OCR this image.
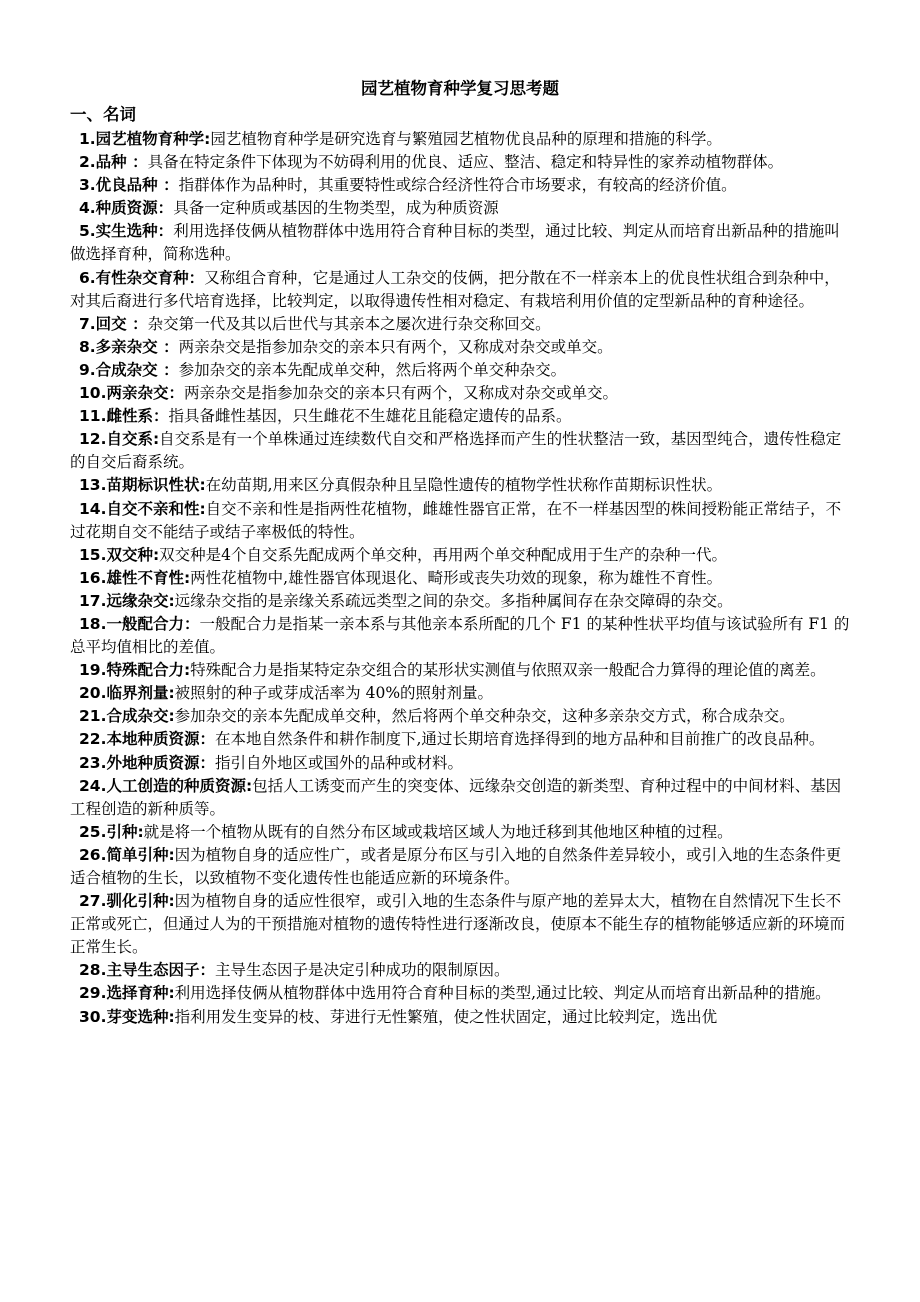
园艺植物育种学复习思考题
一、名词

1.园艺植物育种学:园艺植物育种学是研究选育与繁殖园艺植物优良品种的原理和措施的科学。

2.品种 ：具备在特定条件下体现为不妨碍利用的优良、适应、整洁、稳定和特异性的家养动植物群体。

3.优良品种 ：指群体作为品种时，其重要特性或综合经济性符合市场要求，有较高的经济价值。

4.种质资源：具备一定种质或基因的生物类型，成为种质资源

5.实生选种：利用选择伎俩从植物群体中选用符合育种目标的类型，通过比较、判定从而培育出新品种的措施叫做选择育种，简称选种。

6.有性杂交育种：又称组合育种，它是通过人工杂交的伎俩，把分散在不一样亲本上的优良性状组合到杂种中，对其后裔进行多代培育选择，比较判定，以取得遗传性相对稳定、有栽培利用价值的定型新品种的育种途径。

7.回交 ：杂交第一代及其以后世代与其亲本之屡次进行杂交称回交。

8.多亲杂交 ：两亲杂交是指参加杂交的亲本只有两个，又称成对杂交或单交。

9.合成杂交 ：参加杂交的亲本先配成单交种，然后将两个单交种杂交。

10.两亲杂交：两亲杂交是指参加杂交的亲本只有两个，又称成对杂交或单交。

11.雌性系：指具备雌性基因，只生雌花不生雄花且能稳定遗传的品系。

12.自交系:自交系是有一个单株通过连续数代自交和严格选择而产生的性状整洁一致，基因型纯合，遗传性稳定的自交后裔系统。

13.苗期标识性状:在幼苗期,用来区分真假杂种且呈隐性遗传的植物学性状称作苗期标识性状。

14.自交不亲和性:自交不亲和性是指两性花植物，雌雄性器官正常，在不一样基因型的株间授粉能正常结子，不过花期自交不能结子或结子率极低的特性。

15.双交种:双交种是4个自交系先配成两个单交种，再用两个单交种配成用于生产的杂种一代。

16.雄性不育性:两性花植物中,雄性器官体现退化、畸形或丧失功效的现象，称为雄性不育性。

17.远缘杂交:远缘杂交指的是亲缘关系疏远类型之间的杂交。多指种属间存在杂交障碍的杂交。

18.一般配合力：一般配合力是指某一亲本系与其他亲本系所配的几个 F1 的某种性状平均值与该试验所有 F1 的总平均值相比的差值。

19.特殊配合力:特殊配合力是指某特定杂交组合的某形状实测值与依照双亲一般配合力算得的理论值的离差。

20.临界剂量:被照射的种子或芽成活率为 40%的照射剂量。

21.合成杂交:参加杂交的亲本先配成单交种，然后将两个单交种杂交，这种多亲杂交方式，称合成杂交。

22.本地种质资源：在本地自然条件和耕作制度下,通过长期培育选择得到的地方品种和目前推广的改良品种。

23.外地种质资源：指引自外地区或国外的品种或材料。

24.人工创造的种质资源:包括人工诱变而产生的突变体、远缘杂交创造的新类型、育种过程中的中间材料、基因工程创造的新种质等。

25.引种:就是将一个植物从既有的自然分布区域或栽培区域人为地迁移到其他地区种植的过程。

26.简单引种:因为植物自身的适应性广，或者是原分布区与引入地的自然条件差异较小，或引入地的生态条件更适合植物的生长，以致植物不变化遗传性也能适应新的环境条件。

27.驯化引种:因为植物自身的适应性很窄，或引入地的生态条件与原产地的差异太大，植物在自然情况下生长不正常或死亡，但通过人为的干预措施对植物的遗传特性进行逐渐改良，使原本不能生存的植物能够适应新的环境而正常生长。

28.主导生态因子：主导生态因子是决定引种成功的限制原因。

29.选择育种:利用选择伎俩从植物群体中选用符合育种目标的类型,通过比较、判定从而培育出新品种的措施。

30.芽变选种:指利用发生变异的枝、芽进行无性繁殖，使之性状固定，通过比较判定，选出优
